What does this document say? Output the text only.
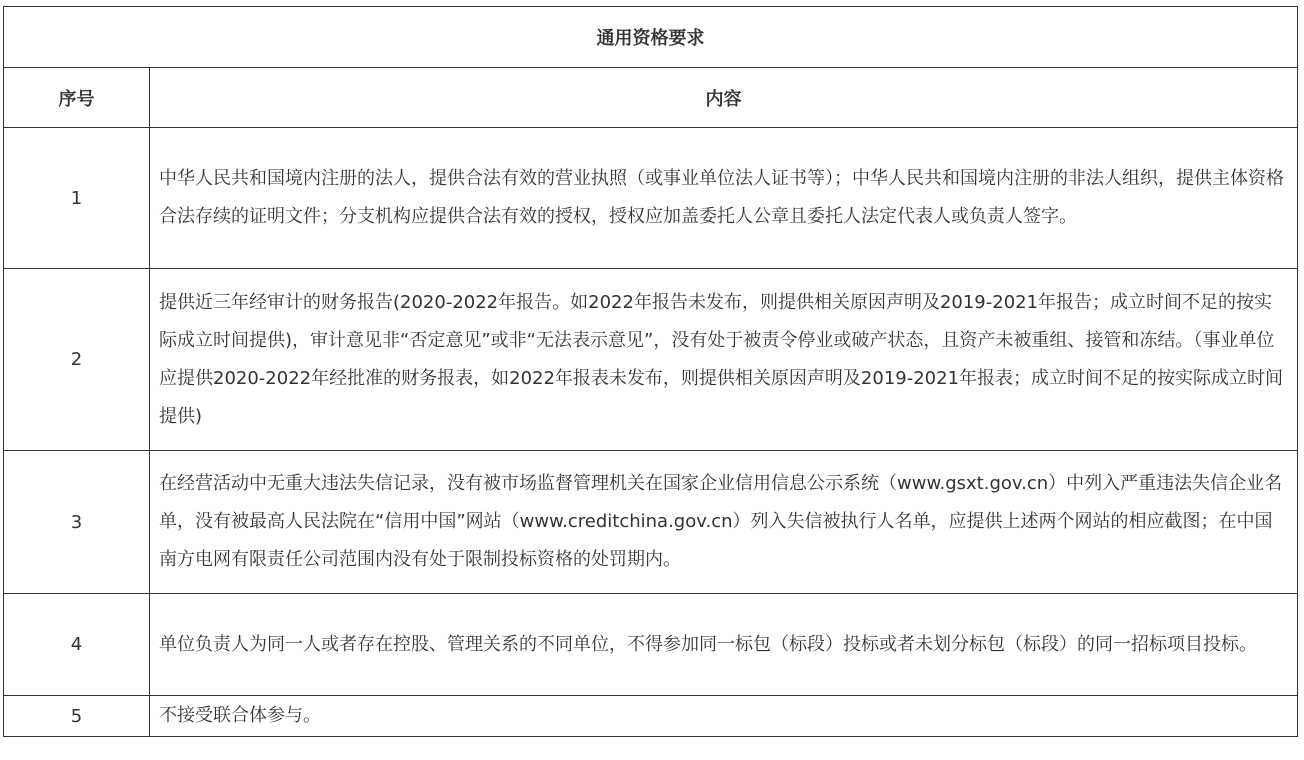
通用资格要求	
序号	内容
1	中华人民共和国境内注册的法人，提供合法有效的营业执照（或事业单位法人证书等）；中华人民共和国境内注册的非法人组织，提供主体资格合法存续的证明文件；分支机构应提供合法有效的授权，授权应加盖委托人公章且委托人法定代表人或负责人签字。
2	提供近三年经审计的财务报告(2020-2022年报告。如2022年报告未发布，则提供相关原因声明及2019-2021年报告；成立时间不足的按实际成立时间提供)，审计意见非“否定意见”或非“无法表示意见”，没有处于被责令停业或破产状态，且资产未被重组、接管和冻结。（事业单位应提供2020-2022年经批准的财务报表，如2022年报表未发布，则提供相关原因声明及2019-2021年报表；成立时间不足的按实际成立时间提供)
3	在经营活动中无重大违法失信记录，没有被市场监督管理机关在国家企业信用信息公示系统（www.gsxt.gov.cn）中列入严重违法失信企业名单，没有被最高人民法院在“信用中国”网站（www.creditchina.gov.cn）列入失信被执行人名单，应提供上述两个网站的相应截图；在中国南方电网有限责任公司范围内没有处于限制投标资格的处罚期内。
4	单位负责人为同一人或者存在控股、管理关系的不同单位，不得参加同一标包（标段）投标或者未划分标包（标段）的同一招标项目投标。
5	不接受联合体参与。
